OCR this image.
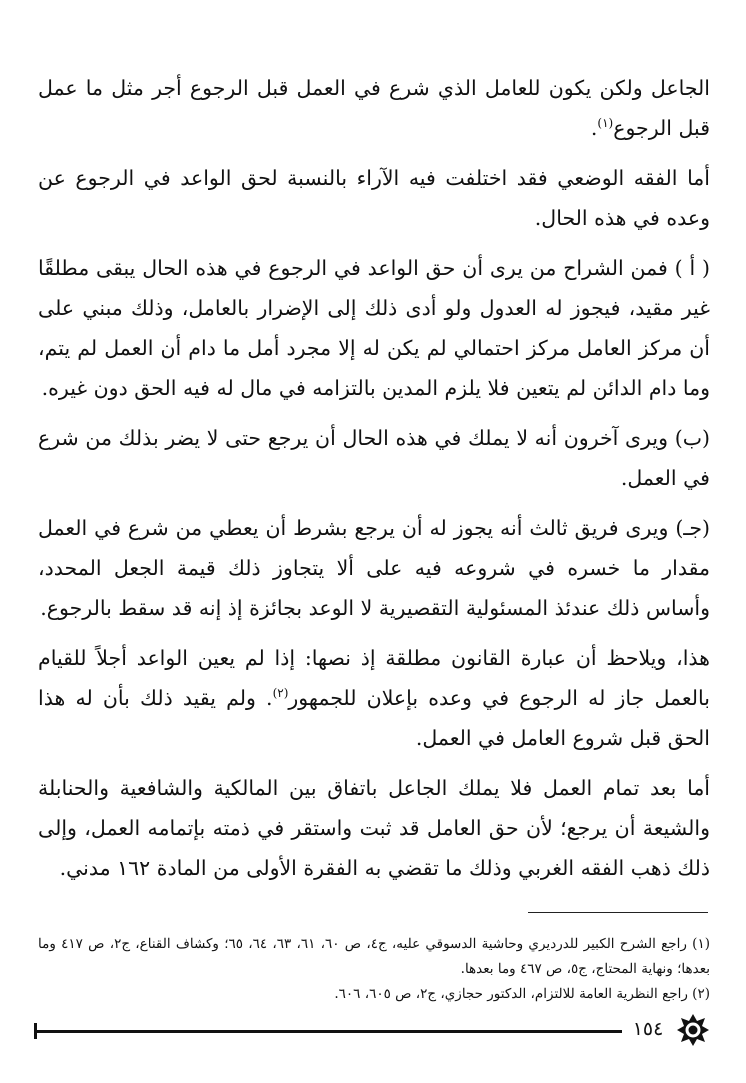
الجاعل ولكن يكون للعامل الذي شرع في العمل قبل الرجوع أجر مثل ما عمل قبل الرجوع$^{(١)}$.

أما الفقه الوضعي فقد اختلفت فيه الآراء بالنسبة لحق الواعد في الرجوع عن وعده في هذه الحال.

( أ ) فمن الشراح من يرى أن حق الواعد في الرجوع في هذه الحال يبقى مطلقًا غير مقيد، فيجوز له العدول ولو أدى ذلك إلى الإضرار بالعامل، وذلك مبني على أن مركز العامل مركز احتمالي لم يكن له إلا مجرد أمل ما دام أن العمل لم يتم، وما دام الدائن لم يتعين فلا يلزم المدين بالتزامه في مال له فيه الحق دون غيره.

(ب) ويرى آخرون أنه لا يملك في هذه الحال أن يرجع حتى لا يضر بذلك من شرع في العمل.

(جـ) ويرى فريق ثالث أنه يجوز له أن يرجع بشرط أن يعطي من شرع في العمل مقدار ما خسره في شروعه فيه على ألا يتجاوز ذلك قيمة الجعل المحدد، وأساس ذلك عندئذ المسئولية التقصيرية لا الوعد بجائزة إذ إنه قد سقط بالرجوع.

هذا، ويلاحظ أن عبارة القانون مطلقة إذ نصها: إذا لم يعين الواعد أجلاً للقيام بالعمل جاز له الرجوع في وعده بإعلان للجمهور$^{(٢)}$. ولم يقيد ذلك بأن له هذا الحق قبل شروع العامل في العمل.

أما بعد تمام العمل فلا يملك الجاعل باتفاق بين المالكية والشافعية والحنابلة والشيعة أن يرجع؛ لأن حق العامل قد ثبت واستقر في ذمته بإتمامه العمل، وإلى ذلك ذهب الفقه الغربي وذلك ما تقضي به الفقرة الأولى من المادة ١٦٢ مدني.

(١) راجع الشرح الكبير للدرديري وحاشية الدسوقي عليه، ج٤، ص ٦٠، ٦١، ٦٣، ٦٤، ٦٥؛ وكشاف القناع، ج٢، ص ٤١٧ وما بعدها؛ ونهاية المحتاج، ج٥، ص ٤٦٧ وما بعدها.

(٢) راجع النظرية العامة للالتزام، الدكتور حجازي، ج٢، ص ٦٠٥، ٦٠٦.

١٥٤
